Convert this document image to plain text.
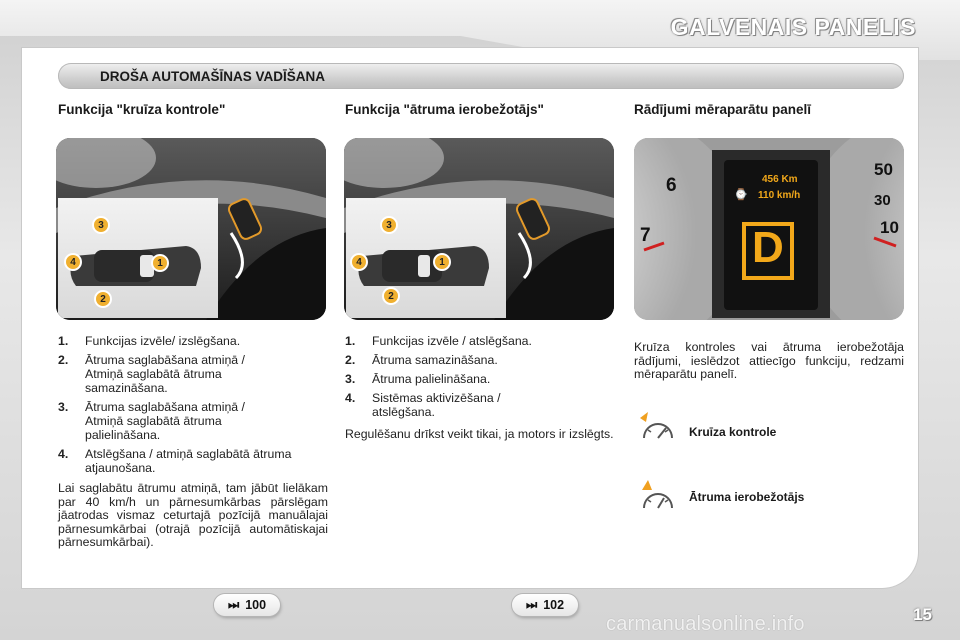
GALVENAIS PANELIS
DROŠA AUTOMAŠĪNAS VADĪŠANA
Funkcija "kruīza kontrole"	Funkcija "ātruma ierobežotājs"	Rādījumi mēraparātu panelī
3
1
4
2
3
1
4
2
6
7
50
30
10
456 Km
110 km/h
⌚
D
1.	Funkcijas izvēle/ izslēgšana.
2.	Ātruma saglabāšana atmiņā / Atmiņā saglabātā ātruma samazināšana.
3.	Ātruma saglabāšana atmiņā / Atmiņā saglabātā ātruma palielināšana.
4.	Atslēgšana / atmiņā saglabātā ātruma atjaunošana.
Lai saglabātu ātrumu atmiņā, tam jābūt lielākam par 40 km/h un pārnesumkārbas pārslēgam jāatrodas vismaz ceturtajā pozīcijā manuālajai pārnesumkārbai (otrajā pozīcijā automātiskajai pārnesumkārbai).
1.	Funkcijas izvēle / atslēgšana.
2.	Ātruma samazināšana.
3.	Ātruma palielināšana.
4.	Sistēmas aktivizēšana / atslēgšana.
Regulēšanu drīkst veikt tikai, ja motors ir izslēgts.
Kruīza kontroles vai ātruma ierobežotāja rādījumi, ieslēdzot attiecīgo funkciju, redzami mēraparātu panelī.
Kruīza kontrole
Ātruma ierobežotājs
⏭ 100	⏭ 102
carmanualsonline.info	15
